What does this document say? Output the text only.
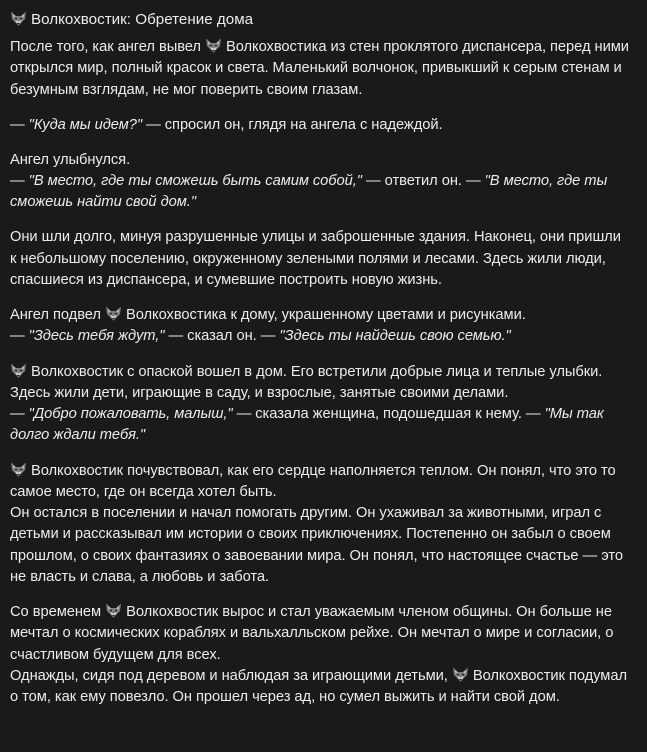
Волкохвостик: Обретение дома

После того, как ангел вывел
Волкохвостика из стен проклятого диспансера, перед ними открылся мир, полный красок и света. Маленький волчонок, привыкший к серым стенам и безумным взглядам, не мог поверить своим глазам.

— "Куда мы идем?" — спросил он, глядя на ангела с надеждой.

Ангел улыбнулся.
— "В место, где ты сможешь быть самим собой," — ответил он. — "В место, где ты сможешь найти свой дом."

Они шли долго, минуя разрушенные улицы и заброшенные здания. Наконец, они пришли к небольшому поселению, окруженному зелеными полями и лесами. Здесь жили люди, спасшиеся из диспансера, и сумевшие построить новую жизнь.

Ангел подвел
Волкохвостика к дому, украшенному цветами и рисунками.
— "Здесь тебя ждут," — сказал он. — "Здесь ты найдешь свою семью."

Волкохвостик с опаской вошел в дом. Его встретили добрые лица и теплые улыбки. Здесь жили дети, играющие в саду, и взрослые, занятые своими делами.
— "Добро пожаловать, малыш," — сказала женщина, подошедшая к нему. — "Мы так долго ждали тебя."

Волкохвостик почувствовал, как его сердце наполняется теплом. Он понял, что это то самое место, где он всегда хотел быть.
Он остался в поселении и начал помогать другим. Он ухаживал за животными, играл с детьми и рассказывал им истории о своих приключениях. Постепенно он забыл о своем прошлом, о своих фантазиях о завоевании мира. Он понял, что настоящее счастье — это не власть и слава, а любовь и забота.

Со временем
Волкохвостик вырос и стал уважаемым членом общины. Он больше не мечтал о космических кораблях и вальхалльском рейхе. Он мечтал о мире и согласии, о счастливом будущем для всех.
Однажды, сидя под деревом и наблюдая за играющими детьми,
Волкохвостик подумал о том, как ему повезло. Он прошел через ад, но сумел выжить и найти свой дом.
